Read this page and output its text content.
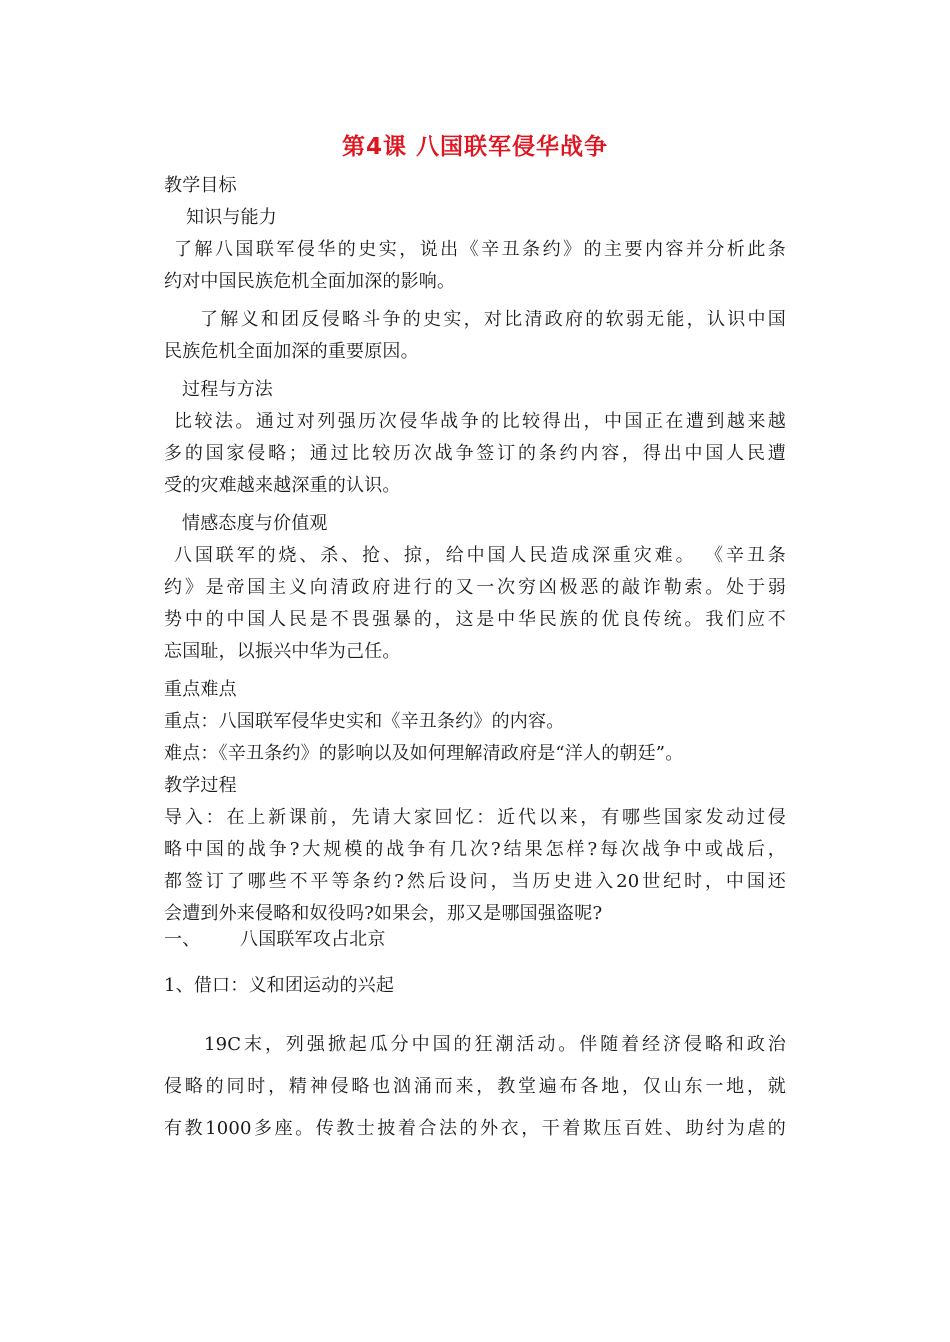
第4课 八国联军侵华战争
教学目标
知识与能力
了解八国联军侵华的史实，说出《辛丑条约》的主要内容并分析此条
约对中国民族危机全面加深的影响。
了解义和团反侵略斗争的史实，对比清政府的软弱无能，认识中国
民族危机全面加深的重要原因。
过程与方法
比较法。通过对列强历次侵华战争的比较得出，中国正在遭到越来越
多的国家侵略；通过比较历次战争签订的条约内容，得出中国人民遭
受的灾难越来越深重的认识。
情感态度与价值观
八国联军的烧、杀、抢、掠，给中国人民造成深重灾难。 《辛丑条
约》是帝国主义向清政府进行的又一次穷凶极恶的敲诈勒索。处于弱
势中的中国人民是不畏强暴的，这是中华民族的优良传统。我们应不
忘国耻，以振兴中华为己任。
重点难点
重点：八国联军侵华史实和《辛丑条约》的内容。
难点：《辛丑条约》的影响以及如何理解清政府是“洋人的朝廷”。
教学过程
导入：在上新课前，先请大家回忆：近代以来，有哪些国家发动过侵
略中国的战争?大规模的战争有几次?结果怎样?每次战争中或战后，
都签订了哪些不平等条约?然后设问，当历史进入20世纪时，中国还
会遭到外来侵略和奴役吗?如果会，那又是哪国强盗呢?
一、 八国联军攻占北京
1、借口：义和团运动的兴起
19C末，列强掀起瓜分中国的狂潮活动。伴随着经济侵略和政治
侵略的同时，精神侵略也汹涌而来，教堂遍布各地，仅山东一地，就
有教1000多座。传教士披着合法的外衣，干着欺压百姓、助纣为虐的
